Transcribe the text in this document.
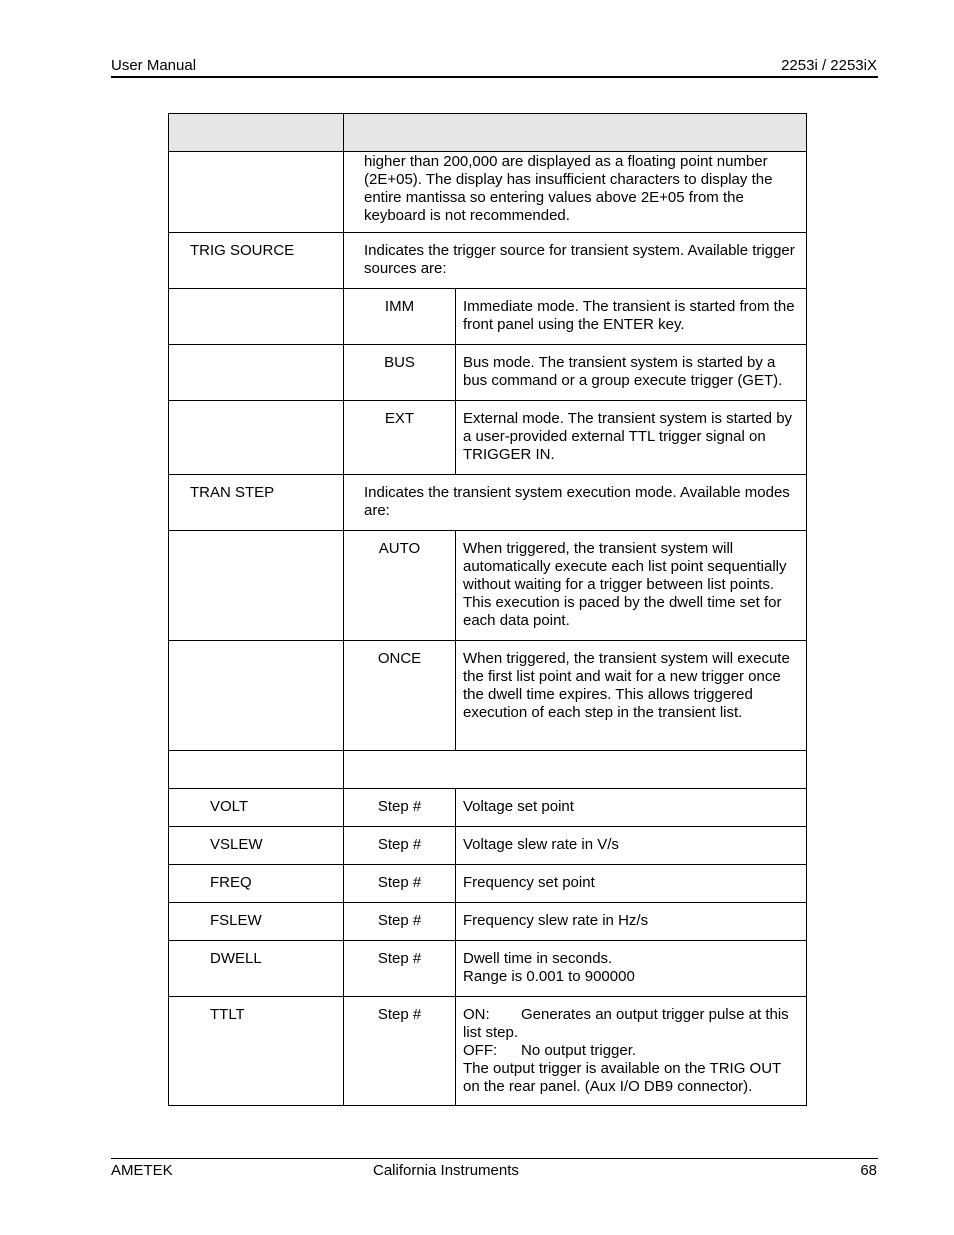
User Manual	2253i / 2253iX

	higher than 200,000 are displayed as a floating point number (2E+05). The display has insufficient characters to display the entire mantissa so entering values above 2E+05 from the keyboard is not recommended.	
TRIG SOURCE	Indicates the trigger source for transient system. Available trigger sources are:	
	IMM	Immediate mode. The transient is started from the front panel using the ENTER key.
	BUS	Bus mode. The transient system is started by a bus command or a group execute trigger (GET).
	EXT	External mode. The transient system is started by a user-provided external TTL trigger signal on TRIGGER IN.
TRAN STEP	Indicates the transient system execution mode. Available modes are:	
	AUTO	When triggered, the transient system will automatically execute each list point sequentially without waiting for a trigger between list points. This execution is paced by the dwell time set for each data point.
	ONCE	When triggered, the transient system will execute the first list point and wait for a new trigger once the dwell time expires. This allows triggered execution of each step in the transient list.

VOLT	Step #	Voltage set point
VSLEW	Step #	Voltage slew rate in V/s
FREQ	Step #	Frequency set point
FSLEW	Step #	Frequency slew rate in Hz/s
DWELL	Step #	Dwell time in seconds.
Range is 0.001 to 900000

TTLT	Step #	ON: Generates an output trigger pulse at this list step.
OFF: No output trigger.
The output trigger is available on the TRIG OUT on the rear panel. (Aux I/O DB9 connector).
AMETEK	California Instruments	68
